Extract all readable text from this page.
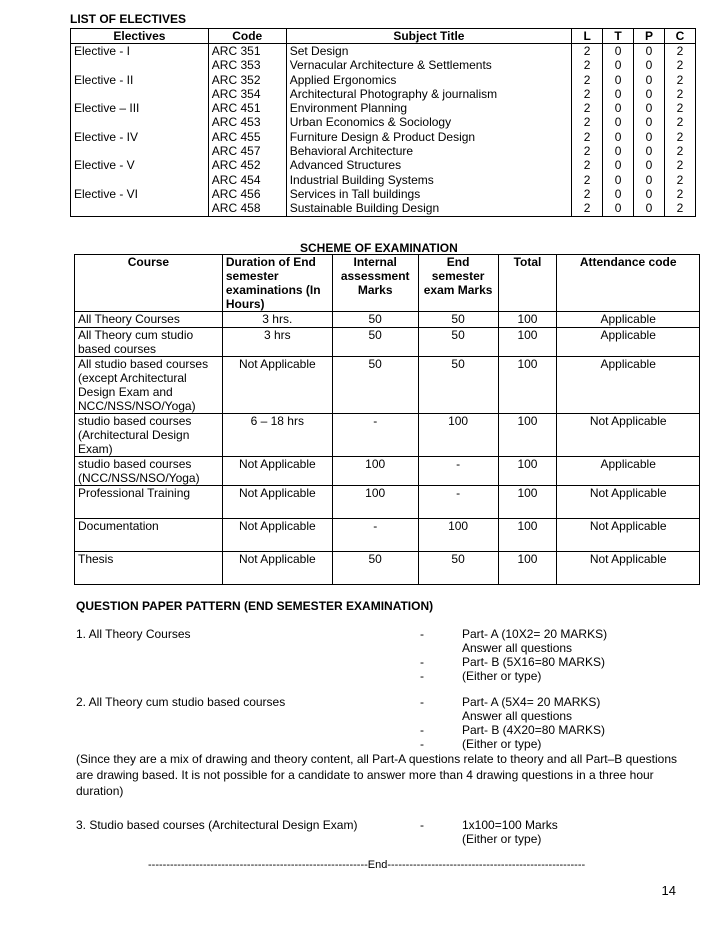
LIST OF ELECTIVES
Electives	Code	Subject Title	L	T	P	C
Elective - I	ARC 351	Set Design	2	0	0	2
	ARC 353	Vernacular Architecture & Settlements	2	0	0	2
Elective - II	ARC 352	Applied Ergonomics	2	0	0	2
	ARC 354	Architectural Photography & journalism	2	0	0	2
Elective – III	ARC 451	Environment Planning	2	0	0	2
	ARC 453	Urban Economics & Sociology	2	0	0	2
Elective - IV	ARC 455	Furniture Design & Product Design	2	0	0	2
	ARC 457	Behavioral Architecture	2	0	0	2
Elective - V	ARC 452	Advanced Structures	2	0	0	2
	ARC 454	Industrial Building Systems	2	0	0	2
Elective - VI	ARC 456	Services in Tall buildings	2	0	0	2
	ARC 458	Sustainable Building Design	2	0	0	2
SCHEME OF EXAMINATION
Course	Duration of End semester examinations (In Hours)	Internal assessment Marks	End semester exam Marks	Total	Attendance code
All Theory Courses	3 hrs.	50	50	100	Applicable
All Theory cum studio based courses	3 hrs	50	50	100	Applicable
All studio based courses (except Architectural Design Exam and NCC/NSS/NSO/Yoga)	Not Applicable	50	50	100	Applicable
studio based courses (Architectural Design Exam)	6 – 18 hrs	-	100	100	Not Applicable
studio based courses (NCC/NSS/NSO/Yoga)	Not Applicable	100	-	100	Applicable
Professional Training	Not Applicable	100	-	100	Not Applicable
Documentation	Not Applicable	-	100	100	Not Applicable
Thesis	Not Applicable	50	50	100	Not Applicable
QUESTION PAPER PATTERN (END SEMESTER EXAMINATION)
1. All Theory Courses	-	Part- A (10X2= 20 MARKS)
Answer all questions
-	Part- B (5X16=80 MARKS)
-	(Either or type)
2. All Theory cum studio based courses	-	Part- A (5X4= 20 MARKS)
Answer all questions
-	Part- B (4X20=80 MARKS)
-	(Either or type)
(Since they are a mix of drawing and theory content, all Part-A questions relate to theory and all Part–B questions are drawing based. It is not possible for a candidate to answer more than 4 drawing questions in a three hour duration)
3. Studio based courses (Architectural Design Exam)	-	1x100=100 Marks
(Either or type)
------------------------------------------------------------End------------------------------------------------------
14
